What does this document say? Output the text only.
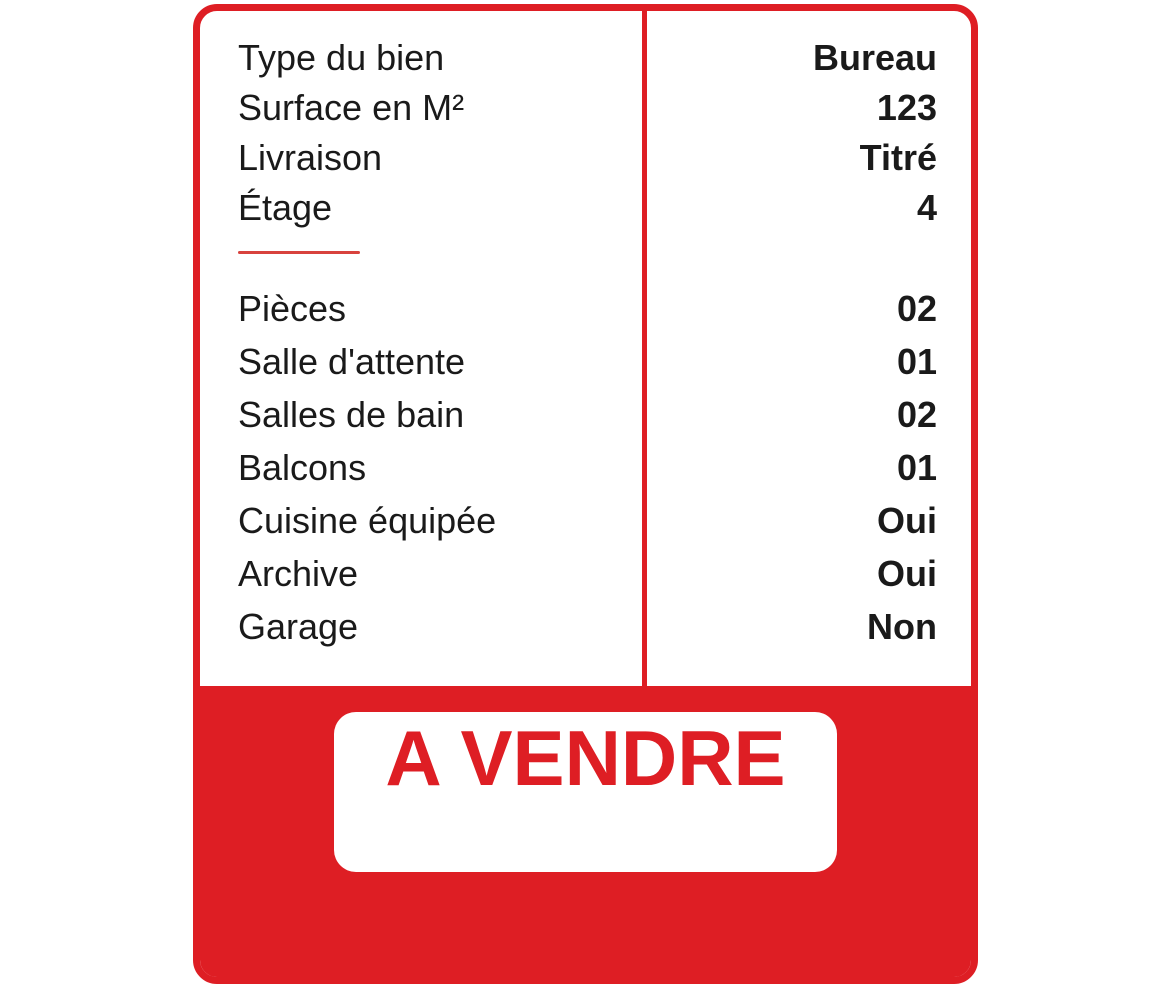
Type du bien	Bureau
Surface en M²	123
Livraison	Titré
Étage	4
Pièces	02
Salle d'attente	01
Salles de bain	02
Balcons	01
Cuisine équipée	Oui
Archive	Oui
Garage	Non
A VENDRE
